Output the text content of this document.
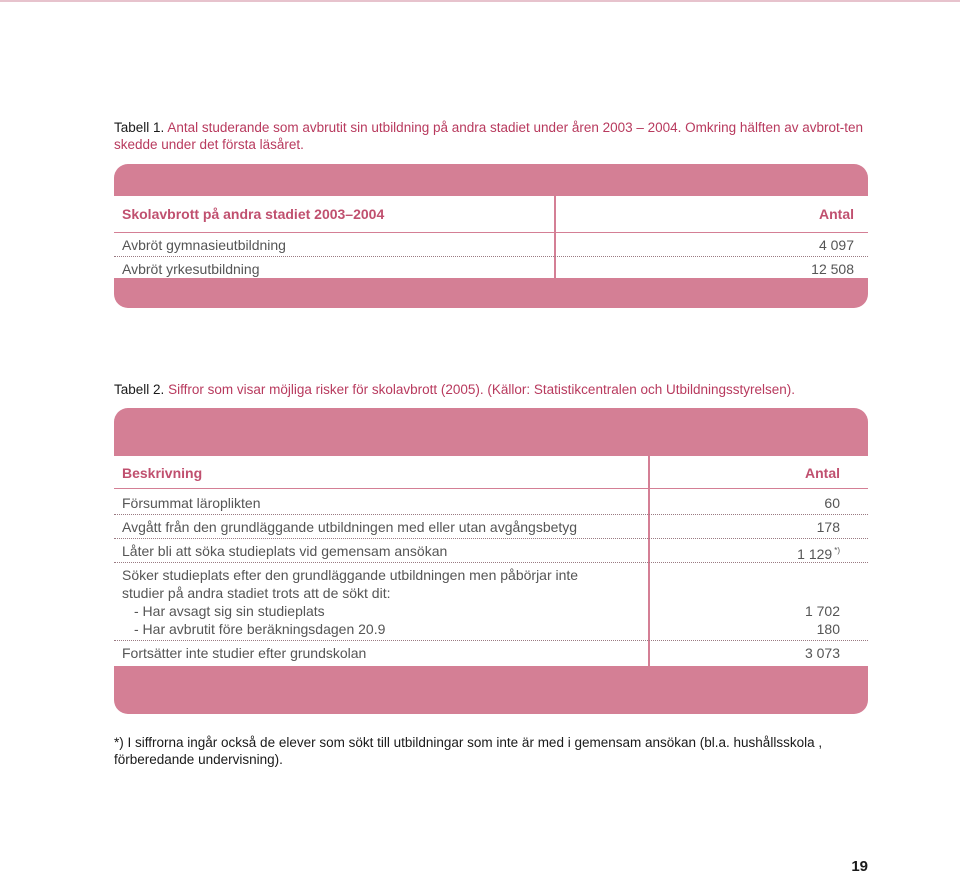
Tabell 1. Antal studerande som avbrutit sin utbildning på andra stadiet under åren 2003 – 2004. Omkring hälften av avbrot-ten skedde under det första läsåret.
Skolavbrott på andra stadiet 2003–2004	Antal
Avbröt gymnasieutbildning	4 097
Avbröt yrkesutbildning	12 508
Tabell 2. Siffror som visar möjliga risker för skolavbrott (2005). (Källor: Statistikcentralen och Utbildningsstyrelsen).
Beskrivning	Antal
Försummat läroplikten	60
Avgått från den grundläggande utbildningen med eller utan avgångsbetyg	178
Låter bli att söka studieplats vid gemensam ansökan	1 129 *)
Söker studieplats efter den grundläggande utbildningen men påbörjar inte
studier på andra stadiet trots att de sökt dit:
- Har avsagt sig sin studieplats	1 702
- Har avbrutit före beräkningsdagen 20.9	180
Fortsätter inte studier efter grundskolan	3 073
*) I siffrorna ingår också de elever som sökt till utbildningar som inte är med i gemensam ansökan (bl.a. hushållsskola , förberedande undervisning).
19
